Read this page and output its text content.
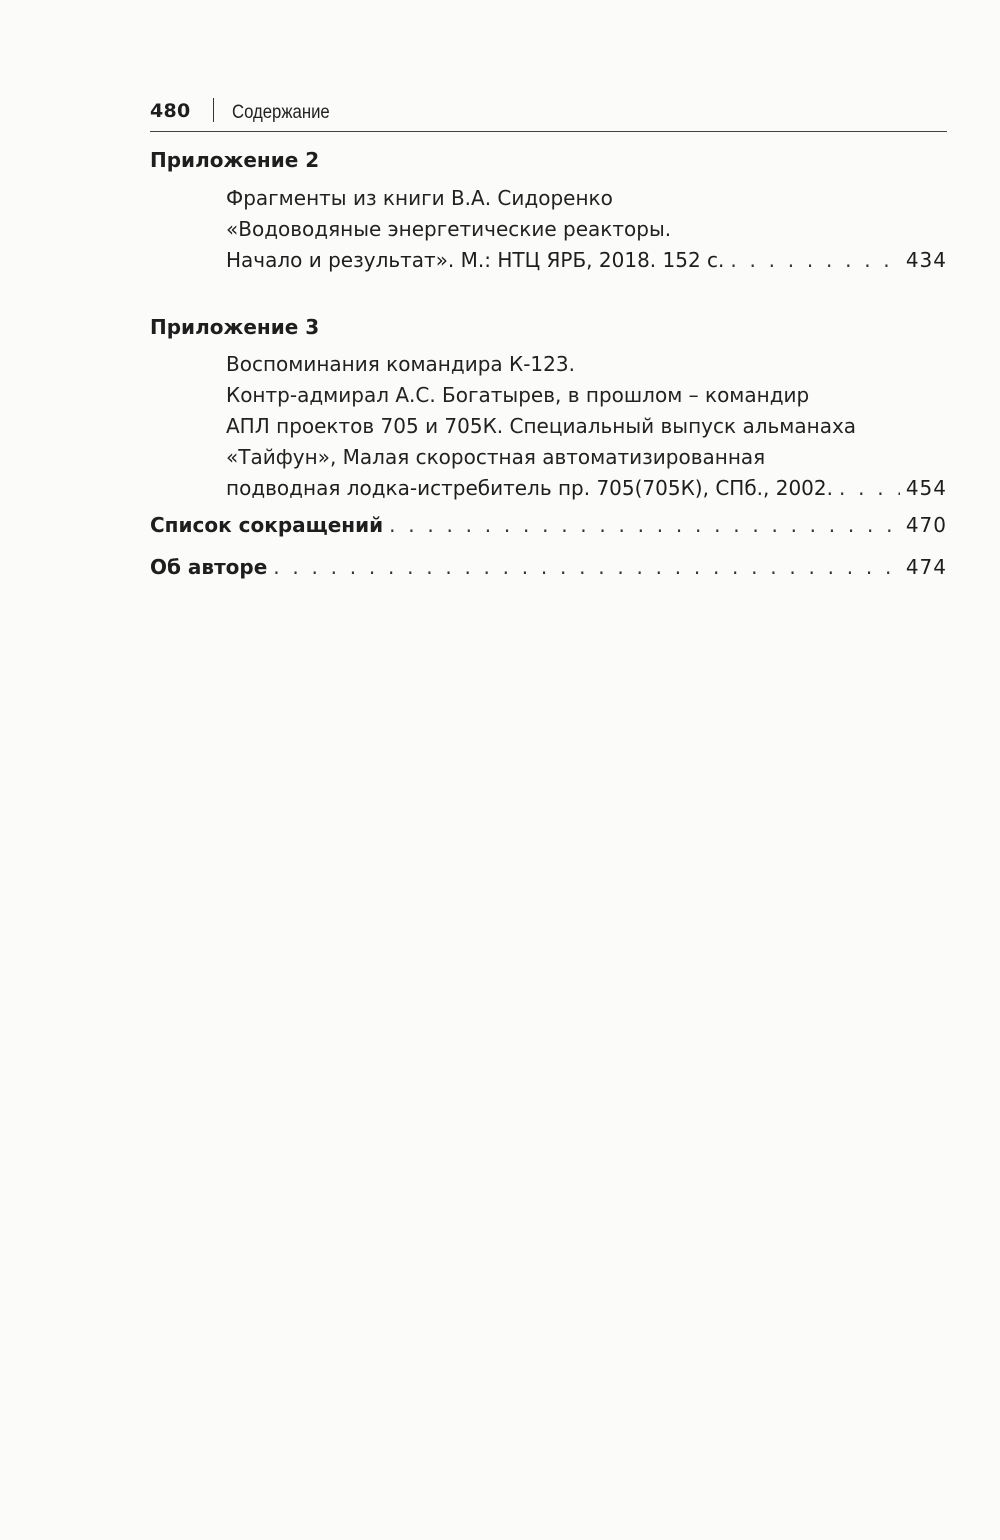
480 Содержание
Приложение 2
Фрагменты из книги В.А. Сидоренко
«Водоводяные энергетические реакторы.
Начало и результат». М.: НТЦ ЯРБ, 2018. 152 с. . . .	434
Приложение 3
Воспоминания командира К-123.
Контр-адмирал А.С. Богатырев, в прошлом – командир
АПЛ проектов 705 и 705К. Специальный выпуск альманаха
«Тайфун», Малая скоростная автоматизированная
подводная лодка-истребитель пр. 705(705К), СПб., 2002. . . .	454
Список сокращений . . .	470
Об авторе . . .	474
